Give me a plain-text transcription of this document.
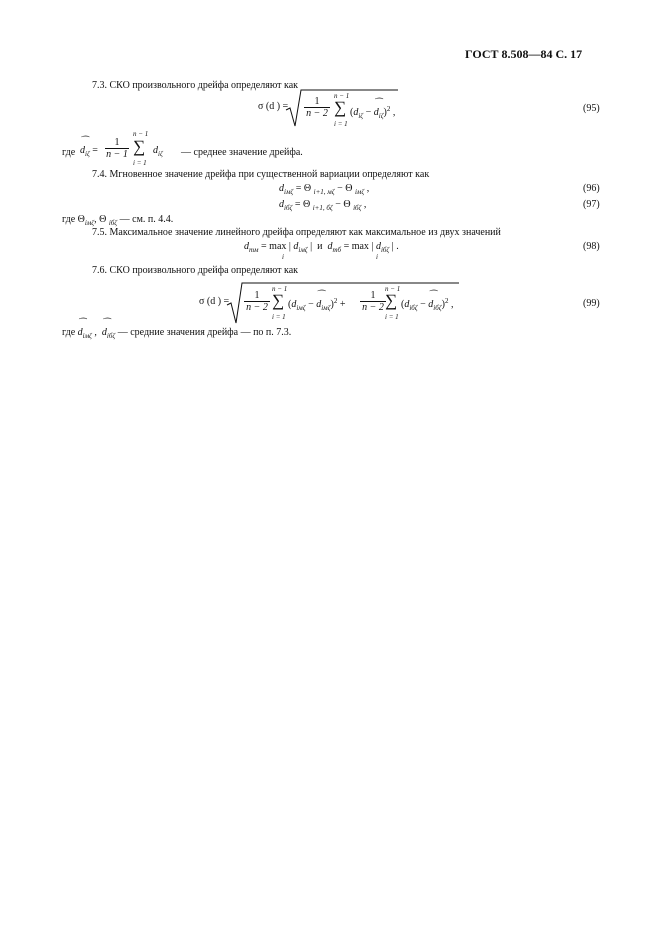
ГОСТ 8.508—84 С. 17
7.3. СКО произвольного дрейфа определяют как
σ (d ) = $\frac{1}{n - 2}$ n − 1
∑
i = 1
($d_{i\zeta}$ − ⁀ $d_{i\zeta})^2$ ,	(95)
где ⁀ $d_{i\zeta} = \frac{1}{n - 1}$
n − 1
∑
i = 1
$d_{i\zeta}$ — среднее значение дрейфа.
7.4. Мгновенное значение дрейфа при существенной вариации определяют как
$d_{iм\zeta} = \Theta$ $_{i+1, м\zeta}$ − Θ $_{iм\zeta}$ ,	(96)
$d_{iб\zeta} = \Theta$ $_{i+1, б\zeta}$ − Θ $_{iб\zeta}$ ,	(97)
где $\Theta_{iм\zeta}$, Θ $_{iб\zeta}$ — см. п. 4.4.
7.5. Максимальное значение линейного дрейфа определяют как максимальное из двух значений
$d_{mм} = \max$ | $d_{iм\zeta}$ |  и  $d_{mб} = \max$ | $d_{iб\zeta}$ | .
i	i
(98)
7.6. СКО произвольного дрейфа определяют как
σ (d ) = $\frac{1}{n - 2}$
n − 1
∑
i = 1
($d_{iм\zeta}$ − ⁀ $d_{iм\zeta})^2 + \frac{1}{n - 2}$
n − 1
∑
i = 1
($d_{iб\zeta}$ − ⁀ $d_{iб\zeta})^2$ ,	(99)
где ⁀ $d_{iм\zeta}$ ,  ⁀ $d_{iб\zeta}$ — средние значения дрейфа — по п. 7.3.
